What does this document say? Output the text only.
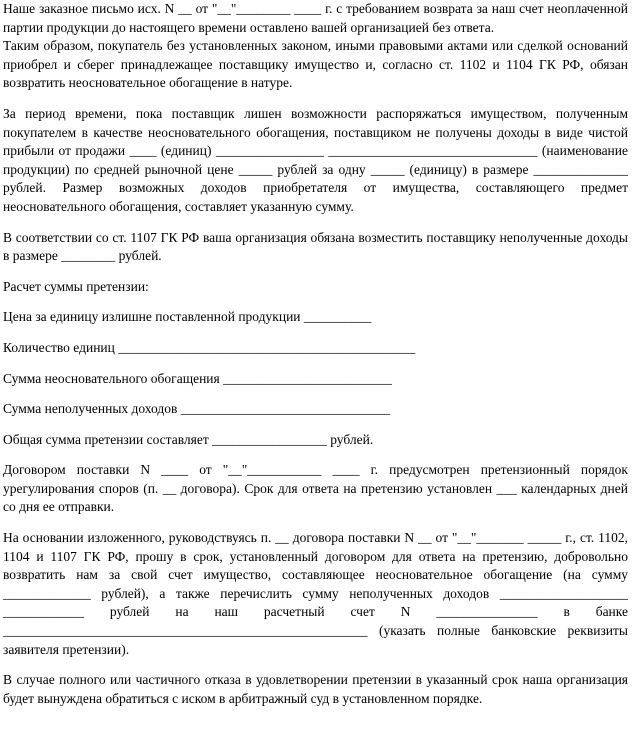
Наше заказное письмо исх. N __ от "__"________ ____ г. с требованием возврата за наш счет неоплаченной партии продукции до настоящего времени оставлено вашей организацией без ответа.

Таким образом, покупатель без установленных законом, иными правовыми актами или сделкой оснований приобрел и сберег принадлежащее поставщику имущество и, согласно ст. 1102 и 1104 ГК РФ, обязан возвратить неосновательное обогащение в натуре.

За период времени, пока поставщик лишен возможности распоряжаться имуществом, полученным покупателем в качестве неосновательного обогащения, поставщиком не получены доходы в виде чистой прибыли от продажи ____ (единиц) ________________ _______________________________ (наименование продукции) по средней рыночной цене _____ рублей за одну _____ (единицу) в размере ______________ рублей. Размер возможных доходов приобретателя от имущества, составляющего предмет неосновательного обогащения, составляет указанную сумму.

В соответствии со ст. 1107 ГК РФ ваша организация обязана возместить поставщику неполученные доходы в размере ________ рублей.

Расчет суммы претензии:

Цена за единицу излишне поставленной продукции __________

Количество единиц ____________________________________________

Сумма неосновательного обогащения _________________________

Сумма неполученных доходов _______________________________

Общая сумма претензии составляет _________________ рублей.

Договором поставки N ____ от "__"___________ ____ г. предусмотрен претензионный порядок урегулирования споров (п. __ договора). Срок для ответа на претензию установлен ___ календарных дней со дня ее отправки.

На основании изложенного, руководствуясь п. __ договора поставки N __ от "__"_______ _____ г., ст. 1102, 1104 и 1107 ГК РФ, прошу в срок, установленный договором для ответа на претензию, добровольно возвратить нам за свой счет имущество, составляющее неосновательное обогащение (на сумму _____________ рублей), а также перечислить сумму неполученных доходов ___________________ ____________ рублей на наш расчетный счет N _______________ в банке ______________________________________________________ (указать полные банковские реквизиты заявителя претензии).

В случае полного или частичного отказа в удовлетворении претензии в указанный срок наша организация будет вынуждена обратиться с иском в арбитражный суд в установленном порядке.
